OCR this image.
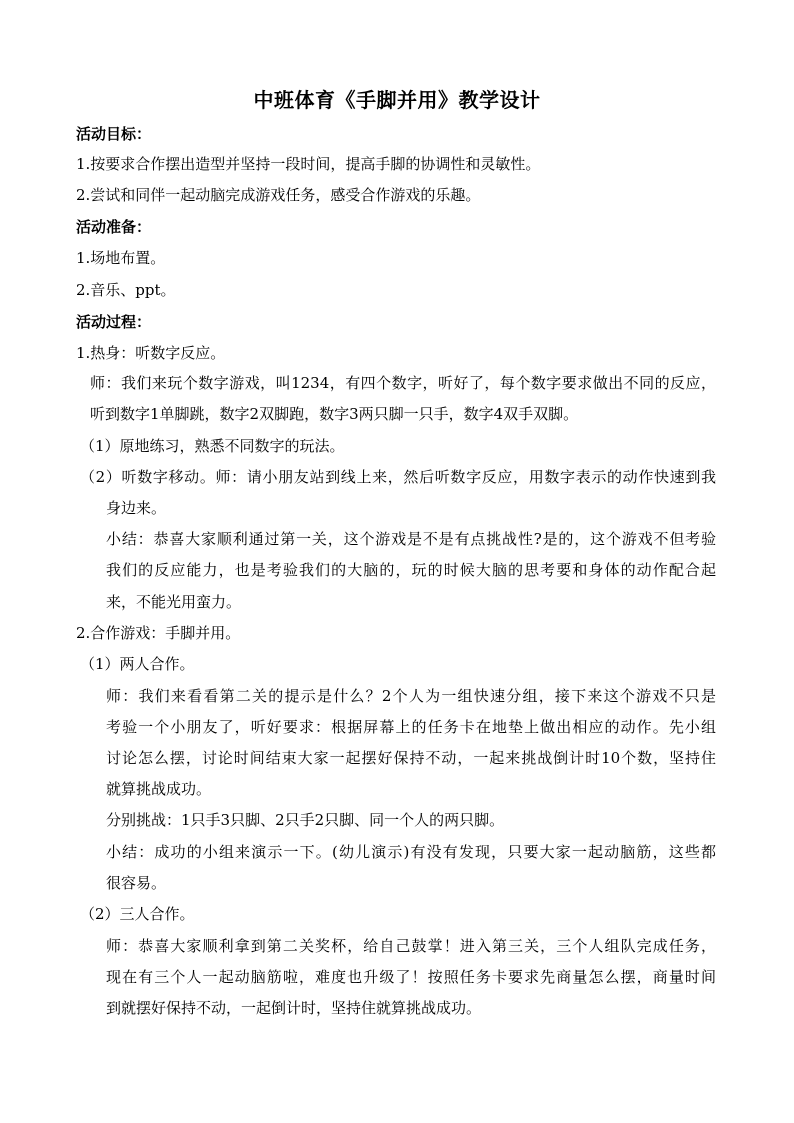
中班体育《手脚并用》教学设计
活动目标：
1.按要求合作摆出造型并坚持一段时间，提高手脚的协调性和灵敏性。
2.尝试和同伴一起动脑完成游戏任务，感受合作游戏的乐趣。
活动准备：
1.场地布置。
2.音乐、ppt。
活动过程：
1.热身：听数字反应。
师：我们来玩个数字游戏，叫1234，有四个数字，听好了，每个数字要求做出不同的反应，
听到数字1单脚跳，数字2双脚跑，数字3两只脚一只手，数字4双手双脚。
（1）原地练习，熟悉不同数字的玩法。
（2）听数字移动。师：请小朋友站到线上来，然后听数字反应，用数字表示的动作快速到我
身边来。
小结：恭喜大家顺利通过第一关，这个游戏是不是有点挑战性?是的，这个游戏不但考验
我们的反应能力，也是考验我们的大脑的，玩的时候大脑的思考要和身体的动作配合起
来，不能光用蛮力。
2.合作游戏：手脚并用。
（1）两人合作。
师：我们来看看第二关的提示是什么？2个人为一组快速分组，接下来这个游戏不只是
考验一个小朋友了，听好要求：根据屏幕上的任务卡在地垫上做出相应的动作。先小组
讨论怎么摆，讨论时间结束大家一起摆好保持不动，一起来挑战倒计时10个数，坚持住
就算挑战成功。
分别挑战：1只手3只脚、2只手2只脚、同一个人的两只脚。
小结：成功的小组来演示一下。(幼儿演示)有没有发现，只要大家一起动脑筋，这些都
很容易。
（2）三人合作。
师：恭喜大家顺利拿到第二关奖杯，给自己鼓掌！进入第三关，三个人组队完成任务，
现在有三个人一起动脑筋啦，难度也升级了！按照任务卡要求先商量怎么摆，商量时间
到就摆好保持不动，一起倒计时，坚持住就算挑战成功。
